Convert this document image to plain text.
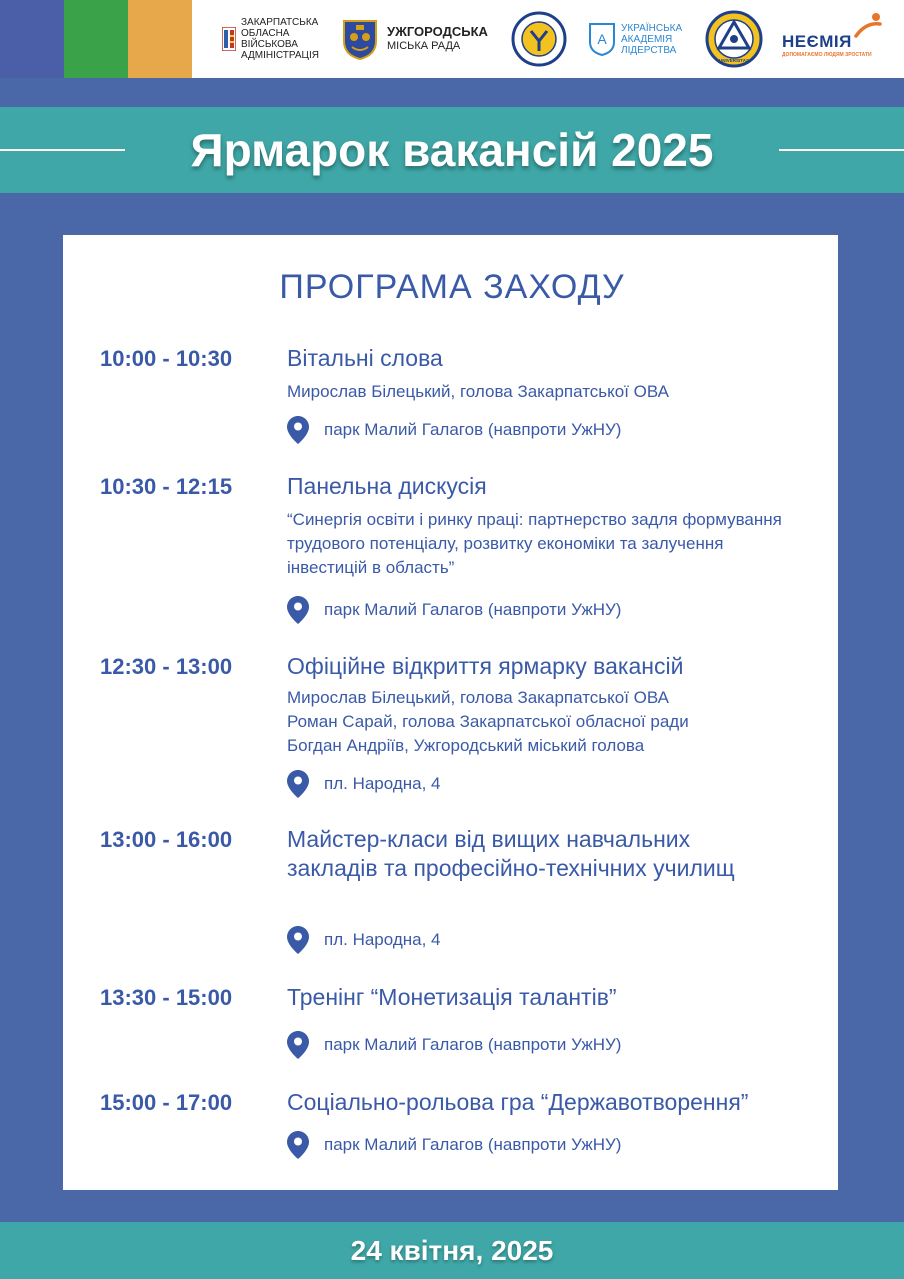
ЗАКАРПАТСЬКА
ОБЛАСНА
ВІЙСЬКОВА
АДМІНІСТРАЦІЯ
УЖГОРОДСЬКА
МІСЬКА РАДА	A
УКРАЇНСЬКА
АКАДЕМІЯ
ЛІДЕРСТВА
UNIVERSITAS
НЕЄМІЯ
ДОПОМАГАЄМО ЛЮДЯМ ЗРОСТАТИ
Ярмарок вакансій 2025
ПРОГРАМА ЗАХОДУ
10:00 - 10:30 Вітальні слова
Мирослав Білецький, голова Закарпатської ОВА
парк Малий Галагов (навпроти УжНУ)
10:30 - 12:15 Панельна дискусія
“Синергія освіти і ринку праці: партнерство задля формування трудового потенціалу, розвитку економіки та залучення інвестицій в область”
парк Малий Галагов (навпроти УжНУ)
12:30 - 13:00 Офіційне відкриття ярмарку вакансій
Мирослав Білецький, голова Закарпатської ОВА
Роман Сарай, голова Закарпатської обласної ради
Богдан Андріїв, Ужгородський міський голова
пл. Народна, 4
13:00 - 16:00 Майстер-класи від вищих навчальних закладів та професійно-технічних училищ
пл. Народна, 4
13:30 - 15:00 Тренінг “Монетизація талантів”
парк Малий Галагов (навпроти УжНУ)
15:00 - 17:00 Соціально-рольова гра “Державотворення”
парк Малий Галагов (навпроти УжНУ)
24 квітня, 2025
